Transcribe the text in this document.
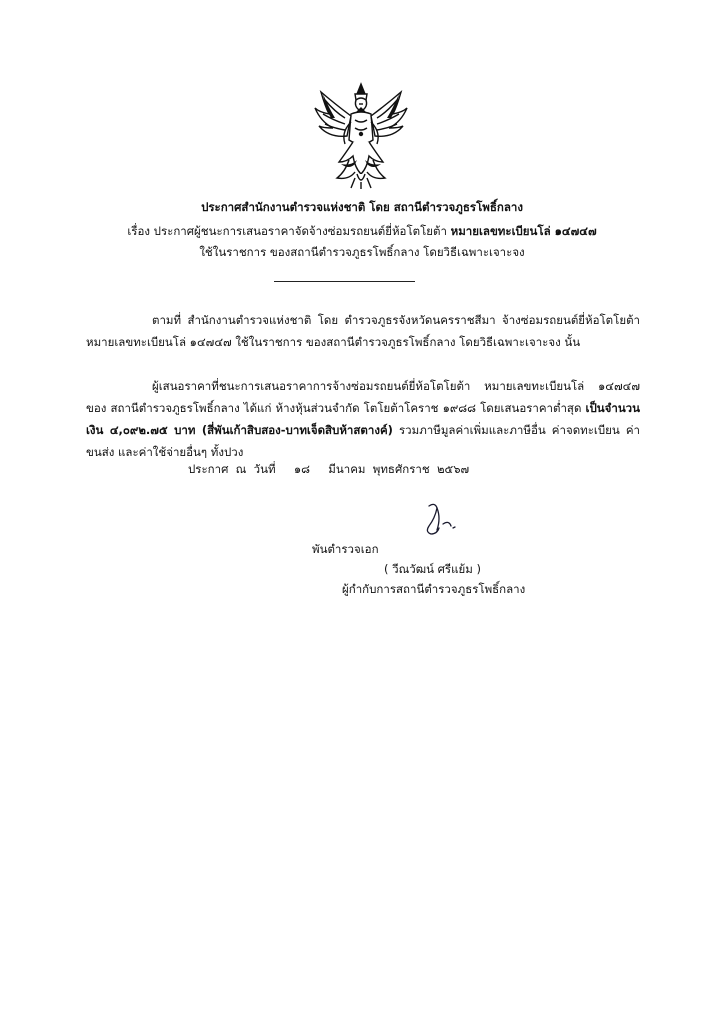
ประกาศสำนักงานตำรวจแห่งชาติ โดย สถานีตำรวจภูธรโพธิ์กลาง
เรื่อง ประกาศผู้ชนะการเสนอราคาจัดจ้างซ่อมรถยนต์ยี่ห้อโตโยต้า หมายเลขทะเบียนโล่ ๑๔๗๔๗
ใช้ในราชการ ของสถานีตำรวจภูธรโพธิ์กลาง โดยวิธีเฉพาะเจาะจง
ตามที่ สำนักงานตำรวจแห่งชาติ โดย ตำรวจภูธรจังหวัดนครราชสีมา จ้างซ่อมรถยนต์ยี่ห้อโตโยต้า หมายเลขทะเบียนโล่ ๑๔๗๔๗ ใช้ในราชการ ของสถานีตำรวจภูธรโพธิ์กลาง โดยวิธีเฉพาะเจาะจง นั้น
ผู้เสนอราคาที่ชนะการเสนอราคาการจ้างซ่อมรถยนต์ยี่ห้อโตโยต้า หมายเลขทะเบียนโล่ ๑๔๗๔๗ ของ สถานีตำรวจภูธรโพธิ์กลาง ได้แก่ ห้างหุ้นส่วนจำกัด โตโยต้าโคราช ๑๙๘๘ โดยเสนอราคาต่ำสุด เป็นจำนวนเงิน ๔,๐๙๒.๗๕ บาท (สี่พันเก้าสิบสอง-บาทเจ็ดสิบห้าสตางค์) รวมภาษีมูลค่าเพิ่มและภาษีอื่น ค่าจดทะเบียน ค่าขนส่ง และค่าใช้จ่ายอื่นๆ ทั้งปวง
ประกาศ  ณ  วันที่     ๑๘     มีนาคม  พุทธศักราช  ๒๕๖๗
พันตำรวจเอก
( วีณวัฒน์ ศรีแย้ม )
ผู้กำกับการสถานีตำรวจภูธรโพธิ์กลาง
